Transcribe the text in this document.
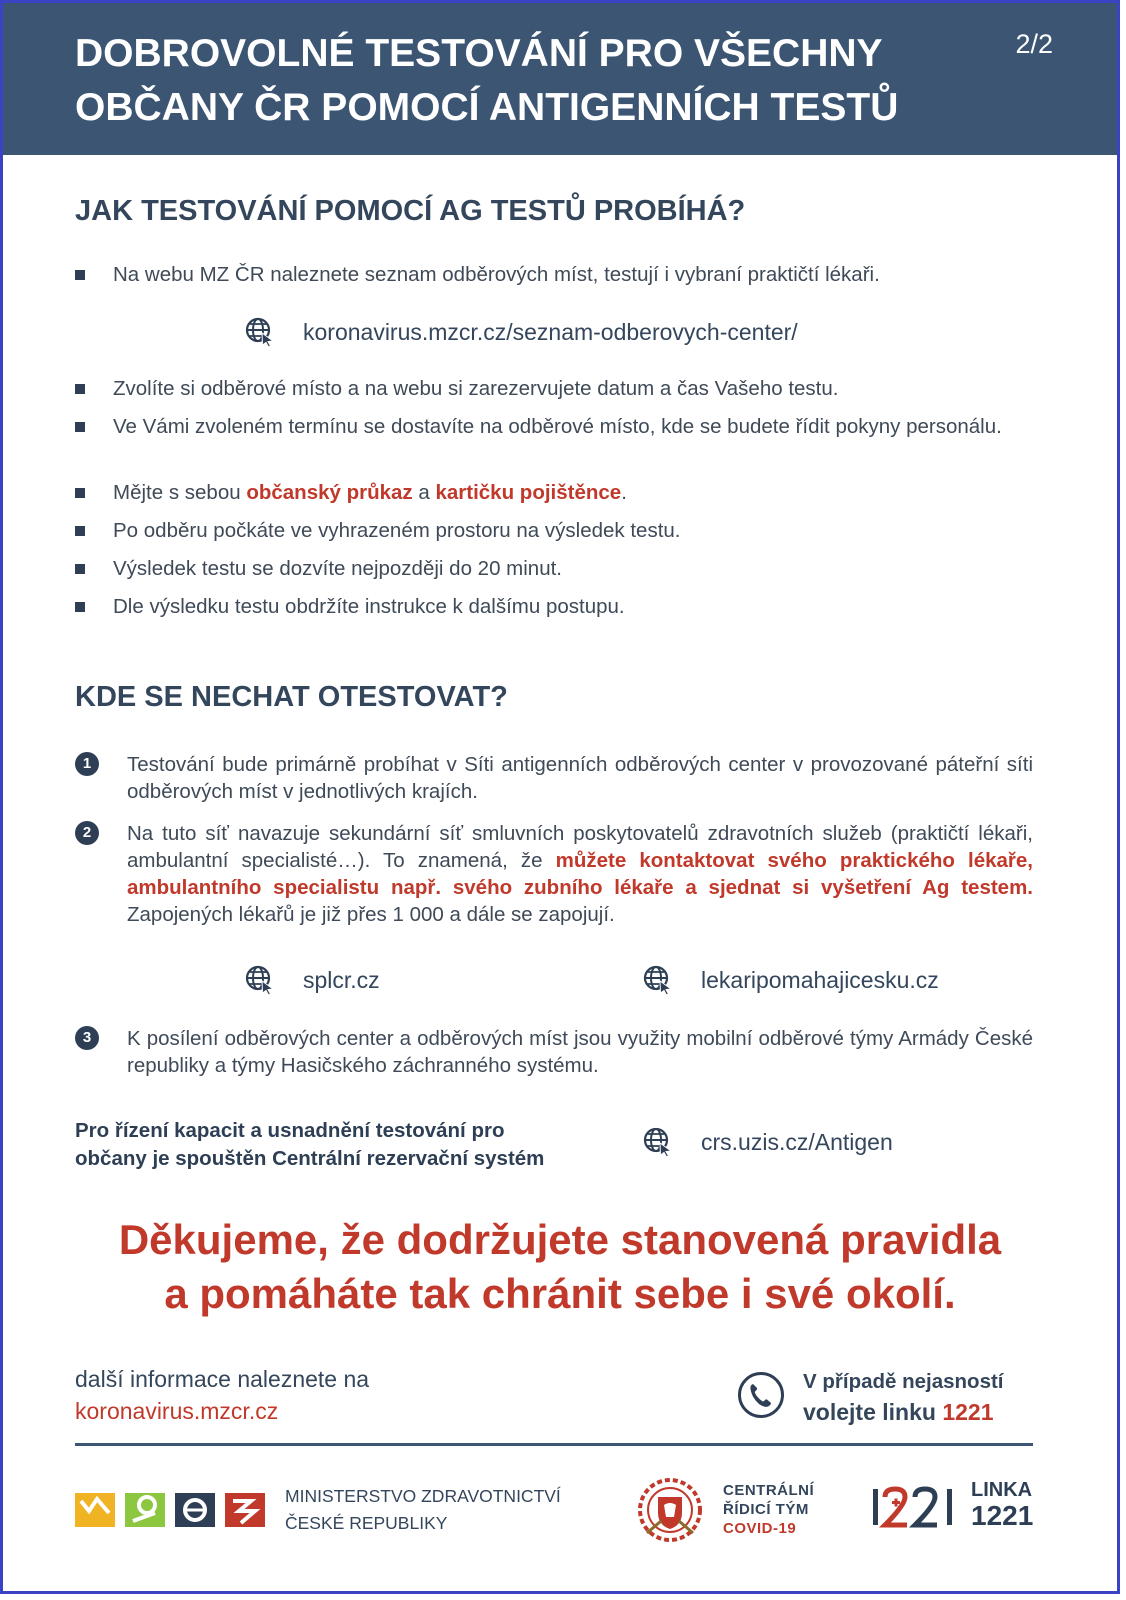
DOBROVOLNÉ TESTOVÁNÍ PRO VŠECHNY
OBČANY ČR POMOCÍ ANTIGENNÍCH TESTŮ
2/2
JAK TESTOVÁNÍ POMOCÍ AG TESTŮ PROBÍHÁ?
Na webu MZ ČR naleznete seznam odběrových míst, testují i vybraní praktičtí lékaři.
koronavirus.mzcr.cz/seznam-odberovych-center/
Zvolíte si odběrové místo a na webu si zarezervujete datum a čas Vašeho testu.
Ve Vámi zvoleném termínu se dostavíte na odběrové místo, kde se budete řídit pokyny personálu.
Mějte s sebou občanský průkaz a kartičku pojištěnce.
Po odběru počkáte ve vyhrazeném prostoru na výsledek testu.
Výsledek testu se dozvíte nejpozději do 20 minut.
Dle výsledku testu obdržíte instrukce k dalšímu postupu.
KDE SE NECHAT OTESTOVAT?
1	Testování bude primárně probíhat v Síti antigenních odběrových center v provozované páteřní síti odběrových míst v jednotlivých krajích.
2	Na tuto síť navazuje sekundární síť smluvních poskytovatelů zdravotních služeb (praktičtí lékaři, ambulantní specialisté…). To znamená, že můžete kontaktovat svého praktického lékaře, ambulantního specialistu např. svého zubního lékaře a sjednat si vyšetření Ag testem. Zapojených lékařů je již přes 1 000 a dále se zapojují.
splcr.cz	lekaripomahajicesku.cz
3	K posílení odběrových center a odběrových míst jsou využity mobilní odběrové týmy Armády České republiky a týmy Hasičského záchranného systému.
Pro řízení kapacit a usnadnění testování pro
občany je spouštěn Centrální rezervační systém
crs.uzis.cz/Antigen
Děkujeme, že dodržujete stanovená pravidla
a pomáháte tak chránit sebe i své okolí.
další informace naleznete na
koronavirus.mzcr.cz
V případě nejasností
volejte linku 1221
MINISTERSTVO ZDRAVOTNICTVÍ
ČESKÉ REPUBLIKY
CENTRÁLNÍ
ŘÍDICÍ TÝM
COVID-19
LINKA
1221
